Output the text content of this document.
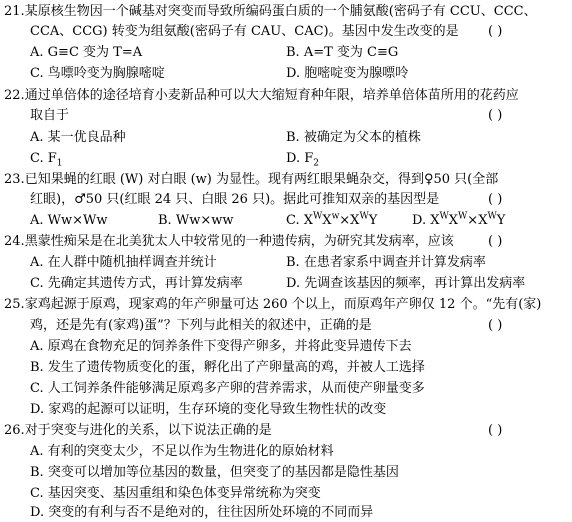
21.某原核生物因一个碱基对突变而导致所编码蛋白质的一个脯氨酸(密码子有 CCU、CCC、
CCA、CCG) 转变为组氨酸(密码子有 CAU、CAC)。基因中发生改变的是 ( )
A. G≡C 变为 T=A	B. A=T 变为 C≡G
C. 鸟嘌呤变为胸腺嘧啶	D. 胞嘧啶变为腺嘌呤
22.通过单倍体的途径培育小麦新品种可以大大缩短育种年限，培养单倍体苗所用的花药应
取自于	( )
A. 某一优良品种	B. 被确定为父本的植株
C. $F_1$	D. $F_2$
23.已知果蝇的红眼 (W) 对白眼 (w) 为显性。现有两红眼果蝇杂交，得到♀50 只(全部
红眼)，♂50 只(红眼 24 只、白眼 26 只)。据此可推知双亲的基因型是	( )
A. Ww×Ww	B. Ww×ww	C. $X^WX^w\times X^WY$	D. $X^WX^W\times X^WY$
24.黑蒙性痴呆是在北美犹太人中较常见的一种遗传病，为研究其发病率，应该	( )
A. 在人群中随机抽样调查并统计	B. 在患者家系中调查并计算发病率
C. 先确定其遗传方式，再计算发病率	D. 先调查该基因的频率，再计算出发病率
25.家鸡起源于原鸡，现家鸡的年产卵量可达 260 个以上，而原鸡年产卵仅 12 个。“先有(家)
鸡，还是先有(家鸡)蛋”？下列与此相关的叙述中，正确的是	( )
A. 原鸡在食物充足的饲养条件下变得产卵多，并将此变异遗传下去
B. 发生了遗传物质变化的蛋，孵化出了产卵量高的鸡，并被人工选择
C. 人工饲养条件能够满足原鸡多产卵的营养需求，从而使产卵量变多
D. 家鸡的起源可以证明，生存环境的变化导致生物性状的改变
26.对于突变与进化的关系，以下说法正确的是	( )
A. 有利的突变太少，不足以作为生物进化的原始材料
B. 突变可以增加等位基因的数量，但突变了的基因都是隐性基因
C. 基因突变、基因重组和染色体变异常统称为突变
D. 突变的有利与否不是绝对的，往往因所处环境的不同而异
